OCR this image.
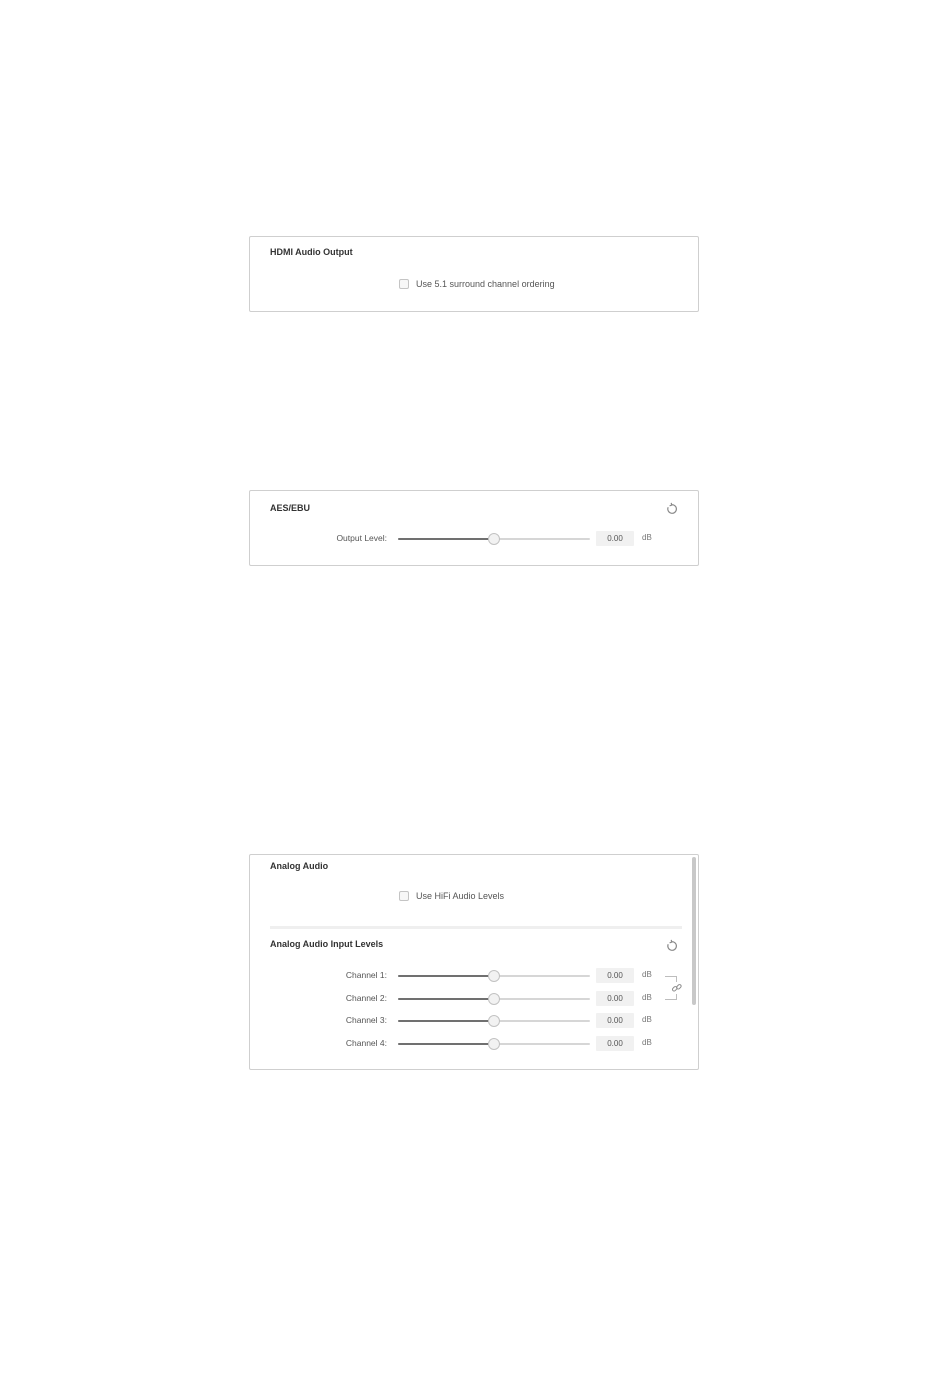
HDMI Audio Output
Use 5.1 surround channel ordering
AES/EBU
Output Level:	0.00	dB
Analog Audio
Use HiFi Audio Levels
Analog Audio Input Levels
Channel 1:	0.00	dB
Channel 2:	0.00	dB
Channel 3:	0.00	dB
Channel 4:	0.00	dB
